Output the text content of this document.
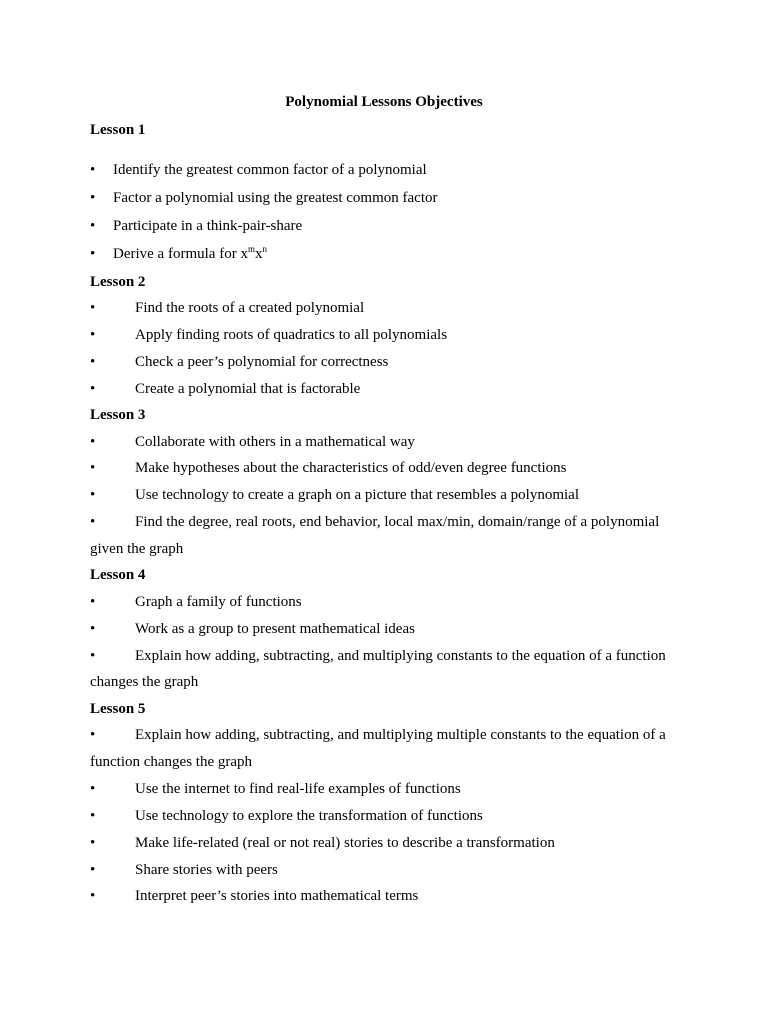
Polynomial Lessons Objectives
Lesson 1
• Identify the greatest common factor of a polynomial
• Factor a polynomial using the greatest common factor
• Participate in a think-pair-share
• Derive a formula for $x^mx^n$
Lesson 2
•	Find the roots of a created polynomial
•	Apply finding roots of quadratics to all polynomials
•	Check a peer’s polynomial for correctness
•	Create a polynomial that is factorable
Lesson 3
•	Collaborate with others in a mathematical way
•	Make hypotheses about the characteristics of odd/even degree functions
•	Use technology to create a graph on a picture that resembles a polynomial
•	Find the degree, real roots, end behavior, local max/min, domain/range of a polynomial
given the graph
Lesson 4
•	Graph a family of functions
•	Work as a group to present mathematical ideas
•	Explain how adding, subtracting, and multiplying constants to the equation of a function
changes the graph
Lesson 5
•	Explain how adding, subtracting, and multiplying multiple constants to the equation of a
function changes the graph
•	Use the internet to find real-life examples of functions
•	Use technology to explore the transformation of functions
•	Make life-related (real or not real) stories to describe a transformation
•	Share stories with peers
•	Interpret peer’s stories into mathematical terms
